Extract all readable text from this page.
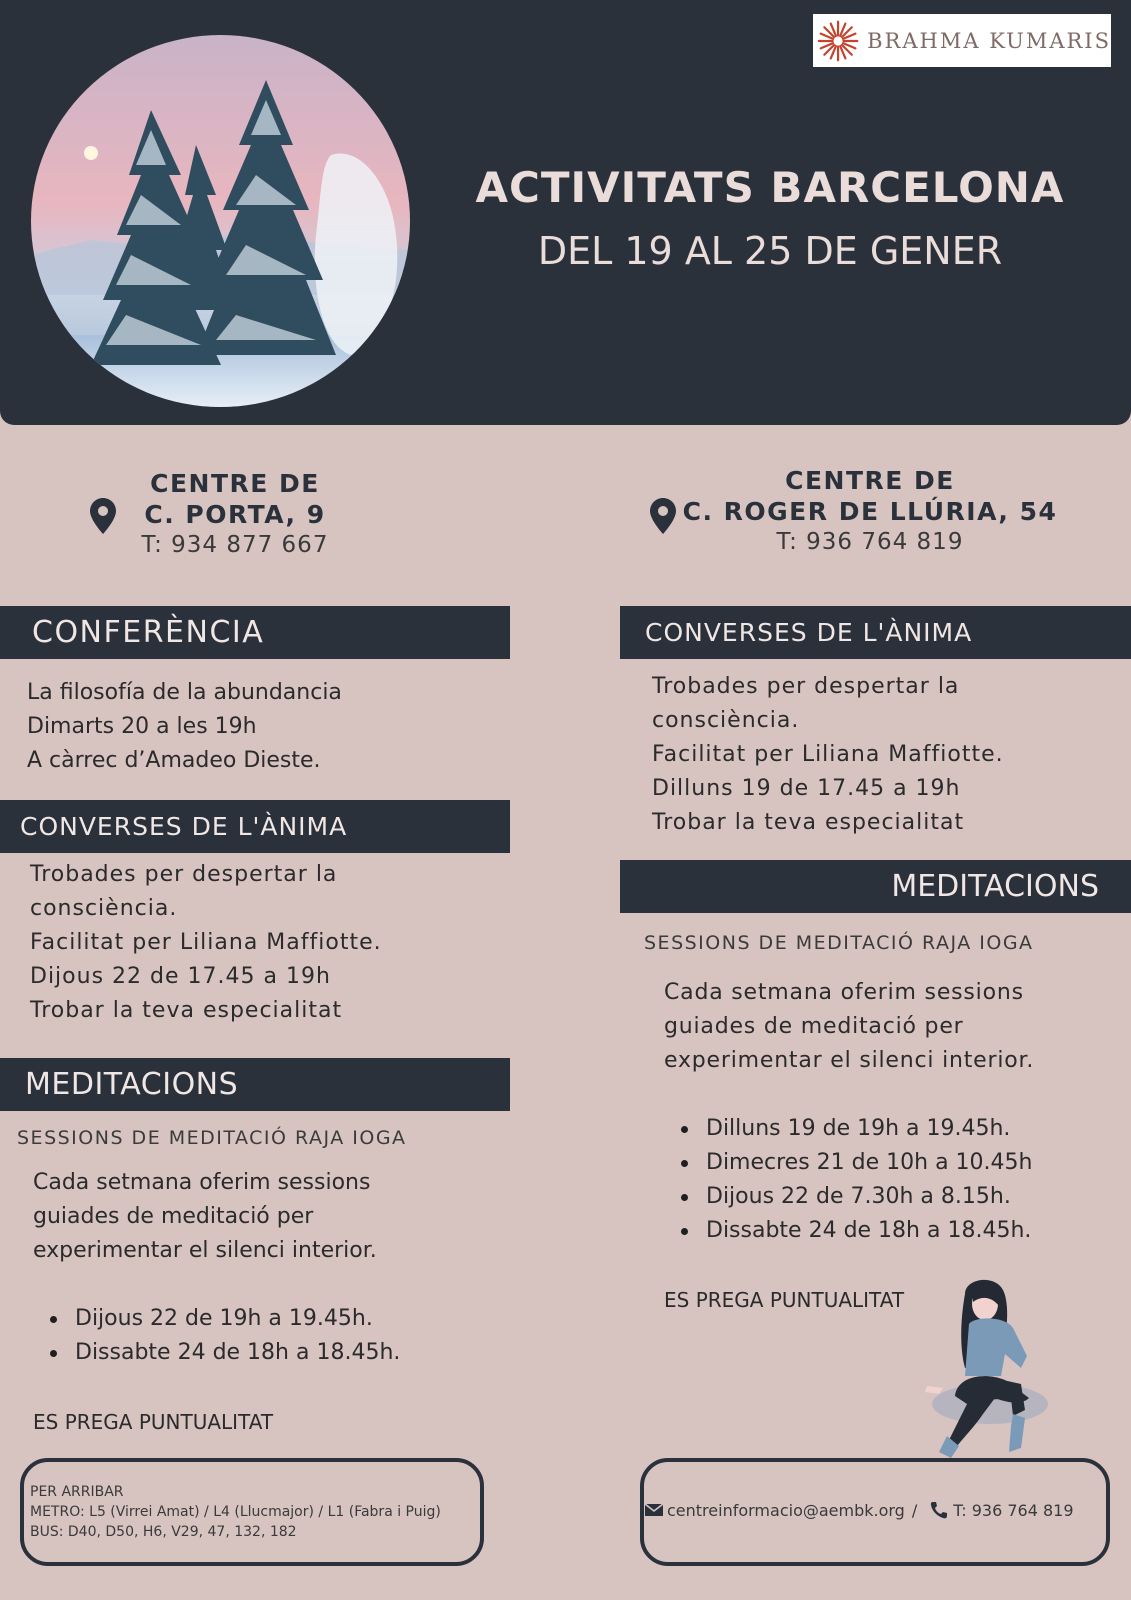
BRAHMA KUMARIS
ACTIVITATS BARCELONA
DEL 19 AL 25 DE GENER
CENTRE DE
C. PORTA, 9
T: 934 877 667
CENTRE DE
C. ROGER DE LLÚRIA, 54
T: 936 764 819
CONFERÈNCIA
La filosofía de la abundancia
Dimarts 20 a les 19h
A càrrec d’Amadeo Dieste.
CONVERSES DE L'ÀNIMA
Trobades per despertar la
consciència.
Facilitat per Liliana Maffiotte.
Dijous 22 de 17.45 a 19h
Trobar la teva especialitat
MEDITACIONS
SESSIONS DE MEDITACIÓ RAJA IOGA
Cada setmana oferim sessions
guiades de meditació per
experimentar el silenci interior.
Dijous 22 de 19h a 19.45h.
Dissabte 24 de 18h a 18.45h.
ES PREGA PUNTUALITAT
PER ARRIBAR
METRO: L5 (Virrei Amat) / L4 (Llucmajor) / L1 (Fabra i Puig)
BUS: D40, D50, H6, V29, 47, 132, 182
CONVERSES DE L'ÀNIMA
Trobades per despertar la
consciència.
Facilitat per Liliana Maffiotte.
Dilluns 19 de 17.45 a 19h
Trobar la teva especialitat
MEDITACIONS
SESSIONS DE MEDITACIÓ RAJA IOGA
Cada setmana oferim sessions
guiades de meditació per
experimentar el silenci interior.
Dilluns 19 de 19h a 19.45h.
Dimecres 21 de 10h a 10.45h
Dijous 22 de 7.30h a 8.15h.
Dissabte 24 de 18h a 18.45h.
ES PREGA PUNTUALITAT
centreinformacio@aembk.org / T: 936 764 819
